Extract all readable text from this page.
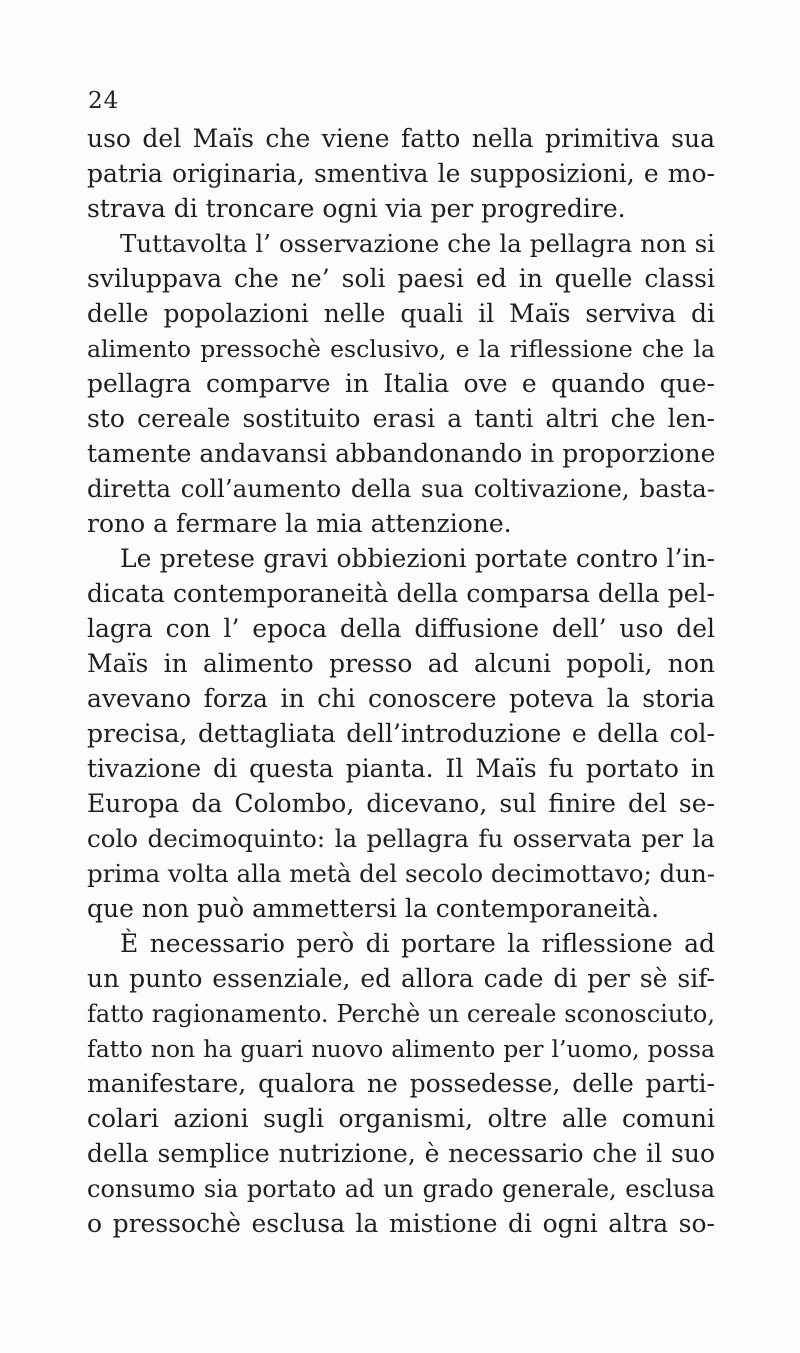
24
uso del Maïs che viene fatto nella primitiva sua
patria originaria, smentiva le supposizioni, e mo-
strava di troncare ogni via per progredire.
Tuttavolta l’ osservazione che la pellagra non si
sviluppava che ne’ soli paesi ed in quelle classi
delle popolazioni nelle quali il Maïs serviva di
alimento pressochè esclusivo, e la riflessione che la
pellagra comparve in Italia ove e quando que-
sto cereale sostituito erasi a tanti altri che len-
tamente andavansi abbandonando in proporzione
diretta coll’aumento della sua coltivazione, basta-
rono a fermare la mia attenzione.
Le pretese gravi obbiezioni portate contro l’in-
dicata contemporaneità della comparsa della pel-
lagra con l’ epoca della diffusione dell’ uso del
Maïs in alimento presso ad alcuni popoli, non
avevano forza in chi conoscere poteva la storia
precisa, dettagliata dell’introduzione e della col-
tivazione di questa pianta. Il Maïs fu portato in
Europa da Colombo, dicevano, sul finire del se-
colo decimoquinto: la pellagra fu osservata per la
prima volta alla metà del secolo decimottavo; dun-
que non può ammettersi la contemporaneità.
È necessario però di portare la riflessione ad
un punto essenziale, ed allora cade di per sè sif-
fatto ragionamento. Perchè un cereale sconosciuto,
fatto non ha guari nuovo alimento per l’uomo, possa
manifestare, qualora ne possedesse, delle parti-
colari azioni sugli organismi, oltre alle comuni
della semplice nutrizione, è necessario che il suo
consumo sia portato ad un grado generale, esclusa
o pressochè esclusa la mistione di ogni altra so-
